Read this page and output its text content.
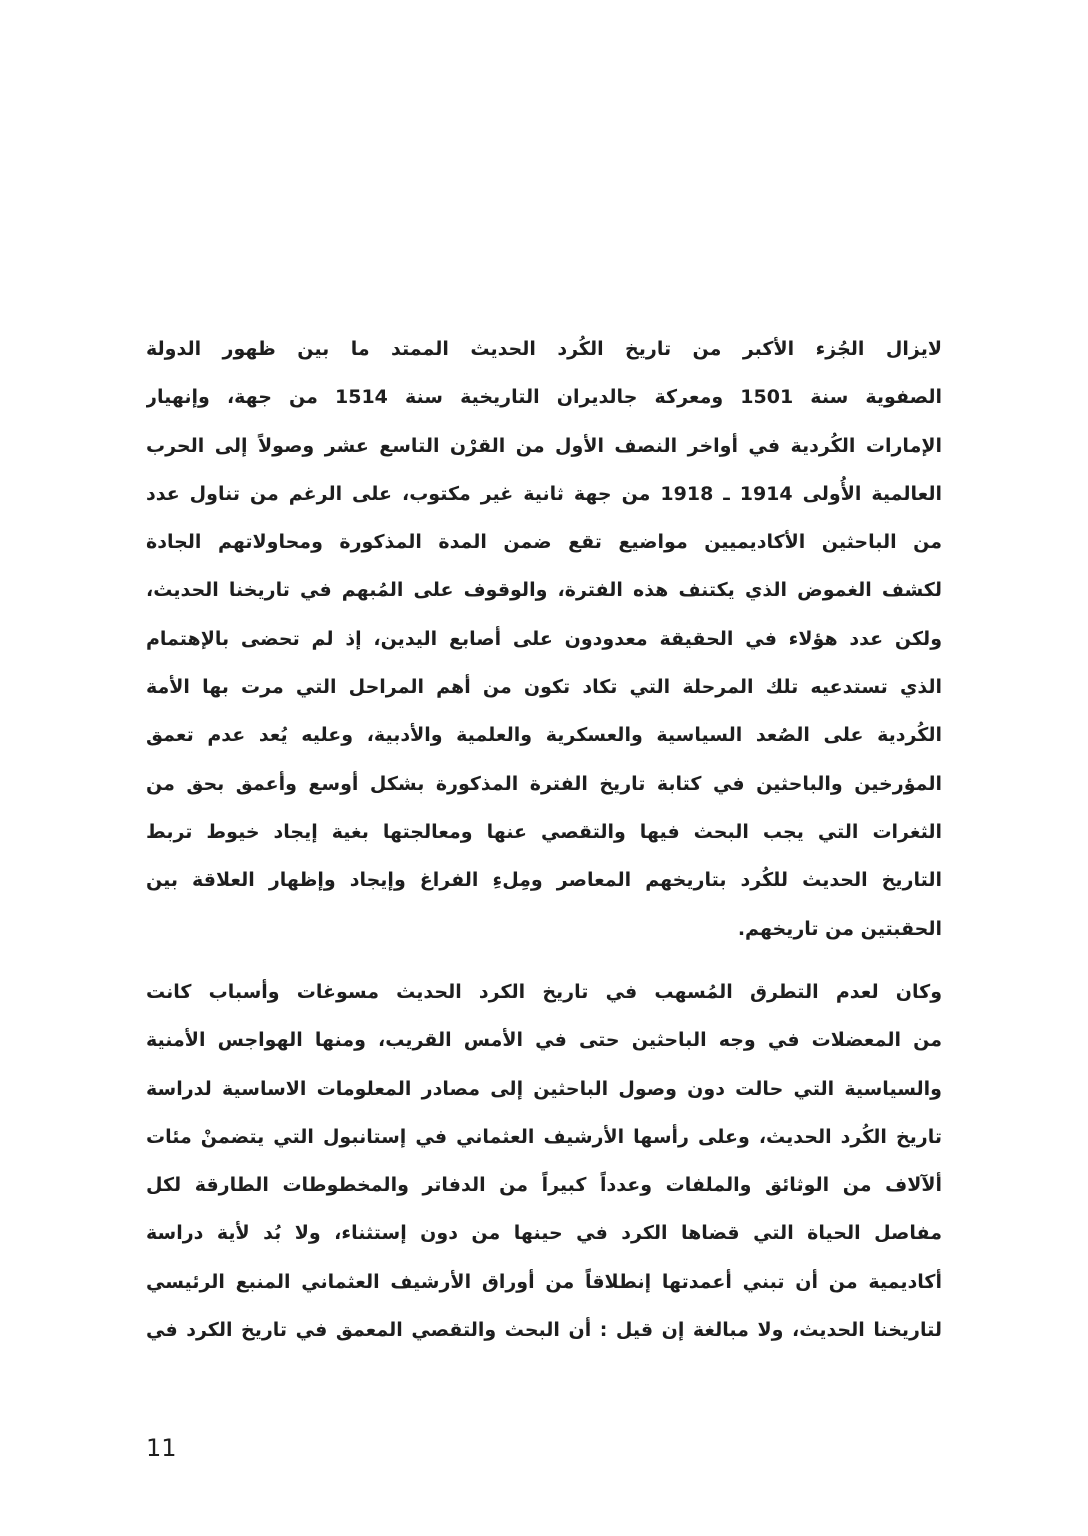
لايزال الجُزء الأكبر من تاريخ الكُرد الحديث الممتد ما بين ظهور الدولة
الصفوية سنة 1501 ومعركة جالديران التاريخية سنة 1514 من جهة، وإنهيار
الإمارات الكُردية في أواخر النصف الأول من القرْن التاسع عشر وصولاً إلى الحرب
العالمية الأُولى 1914 ـ 1918 من جهة ثانية غير مكتوب، على الرغم من تناول عدد
من الباحثين الأكاديميين مواضيع تقع ضمن المدة المذكورة ومحاولاتهم الجادة
لكشف الغموض الذي يكتنف هذه الفترة، والوقوف على المُبهم في تاريخنا الحديث،
ولكن عدد هؤلاء في الحقيقة معدودون على أصابع اليدين، إذ لم تحضى بالإهتمام
الذي تستدعيه تلك المرحلة التي تكاد تكون من أهم المراحل التي مرت بها الأمة
الكُردية على الصُعد السياسية والعسكرية والعلمية والأدبية، وعليه يُعد عدم تعمق
المؤرخين والباحثين في كتابة تاريخ الفترة المذكورة بشكل أوسع وأعمق بحق من
الثغرات التي يجب البحث فيها والتقصي عنها ومعالجتها بغية إيجاد خيوط تربط
التاريخ الحديث للكُرد بتاريخهم المعاصر ومِلءِ الفراغ وإيجاد وإظهار العلاقة بين
الحقبتين من تاريخهم.
وكان لعدم التطرق المُسهب في تاريخ الكرد الحديث مسوغات وأسباب كانت
من المعضلات في وجه الباحثين حتى في الأمس القريب، ومنها الهواجس الأمنية
والسياسية التي حالت دون وصول الباحثين إلى مصادر المعلومات الاساسية لدراسة
تاريخ الكُرد الحديث، وعلى رأسها الأرشيف العثماني في إستانبول التي يتضمنْ مئات
ألآلاف من الوثائق والملفات وعدداً كبيراً من الدفاتر والمخطوطات الطارقة لكل
مفاصل الحياة التي قضاها الكرد في حينها من دون إستثناء، ولا بُد لأية دراسة
أكاديمية من أن تبني أعمدتها إنطلاقاً من أوراق الأرشيف العثماني المنبع الرئيسي
لتاريخنا الحديث، ولا مبالغة إن قيل : أن البحث والتقصي المعمق في تاريخ الكرد في
11
